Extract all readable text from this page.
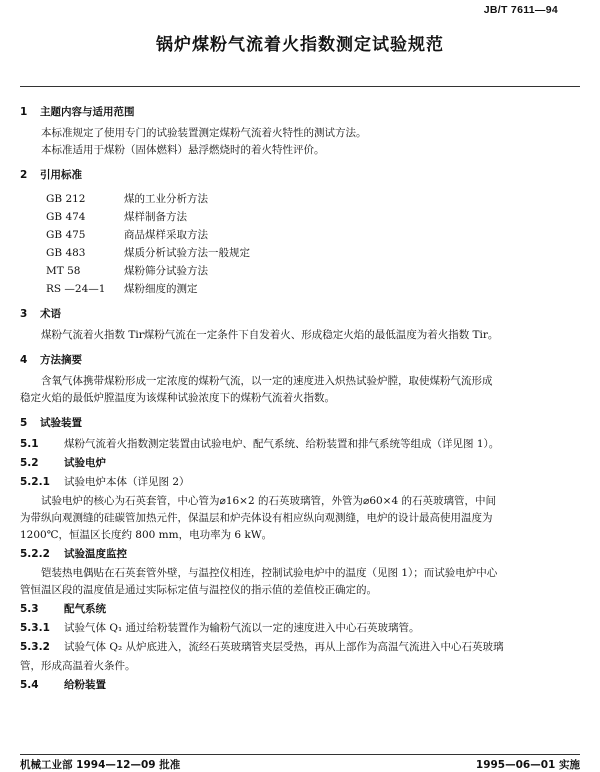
JB/T 7611—94
锅炉煤粉气流着火指数测定试验规范
1 主题内容与适用范围

本标准规定了使用专门的试验装置测定煤粉气流着火特性的测试方法。

本标准适用于煤粉（固体燃料）悬浮燃烧时的着火特性评价。

2 引用标准
GB 212	煤的工业分析方法
GB 474	煤样制备方法
GB 475	商品煤样采取方法
GB 483	煤质分析试验方法一般规定
MT 58	煤粉筛分试验方法
RS —24—1	煤粉细度的测定
3 术语

煤粉气流着火指数 Tir煤粉气流在一定条件下自发着火、形成稳定火焰的最低温度为着火指数 Tir。

4 方法摘要

含氧气体携带煤粉形成一定浓度的煤粉气流，以一定的速度进入炽热试验炉膛，取使煤粉气流形成

稳定火焰的最低炉膛温度为该煤种试验浓度下的煤粉气流着火指数。

5 试验装置
5.1 煤粉气流着火指数测定装置由试验电炉、配气系统、给粉装置和排气系统等组成（详见图 1）。
5.2 试验电炉
5.2.1 试验电炉本体（详见图 2）

试验电炉的核心为石英套管，中心管为⌀16×2 的石英玻璃管，外管为⌀60×4 的石英玻璃管，中间

为带纵向观测缝的硅碳管加热元件，保温层和炉壳体设有相应纵向观测缝，电炉的设计最高使用温度为

1200℃，恒温区长度约 800 mm，电功率为 6 kW。

5.2.2 试验温度监控

铠装热电偶贴在石英套管外壁，与温控仪相连，控制试验电炉中的温度（见图 1）；而试验电炉中心

管恒温区段的温度值是通过实际标定值与温控仪的指示值的差值校正确定的。

5.3 配气系统
5.3.1 试验气体 Q₁ 通过给粉装置作为输粉气流以一定的速度进入中心石英玻璃管。
5.3.2 试验气体 Q₂ 从炉底进入，流经石英玻璃管夹层受热，再从上部作为高温气流进入中心石英玻璃

管，形成高温着火条件。

5.4 给粉装置
机械工业部 1994—12—09 批准	1995—06—01 实施
